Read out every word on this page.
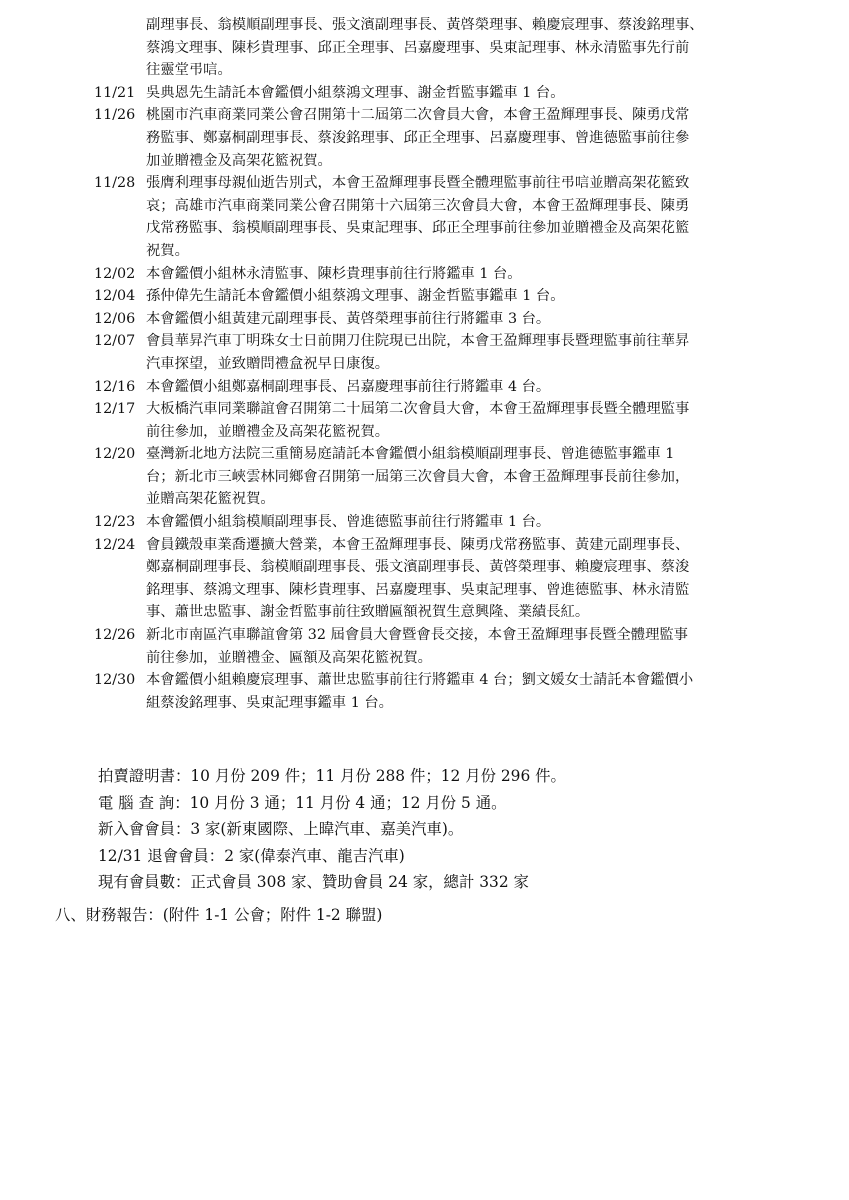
副理事長、翁模順副理事長、張文濱副理事長、黃啓榮理事、賴慶宸理事、蔡浚銘理事、
蔡鴻文理事、陳杉貴理事、邱正全理事、呂嘉慶理事、吳東記理事、林永清監事先行前
往靈堂弔唁。
11/21 吳典恩先生請託本會鑑價小組蔡鴻文理事、謝金哲監事鑑車 1 台。
11/26 桃園市汽車商業同業公會召開第十二屆第二次會員大會，本會王盈輝理事長、陳勇戊常
務監事、鄭嘉桐副理事長、蔡浚銘理事、邱正全理事、呂嘉慶理事、曾進德監事前往參
加並贈禮金及高架花籃祝賀。
11/28 張膺利理事母親仙逝告別式，本會王盈輝理事長暨全體理監事前往弔唁並贈高架花籃致
哀；高雄市汽車商業同業公會召開第十六屆第三次會員大會，本會王盈輝理事長、陳勇
戊常務監事、翁模順副理事長、吳東記理事、邱正全理事前往參加並贈禮金及高架花籃
祝賀。
12/02 本會鑑價小組林永清監事、陳杉貴理事前往行將鑑車 1 台。
12/04 孫仲偉先生請託本會鑑價小組蔡鴻文理事、謝金哲監事鑑車 1 台。
12/06 本會鑑價小組黃建元副理事長、黃啓榮理事前往行將鑑車 3 台。
12/07 會員華昇汽車丁明珠女士日前開刀住院現已出院，本會王盈輝理事長暨理監事前往華昇
汽車探望，並致贈問禮盒祝早日康復。
12/16 本會鑑價小組鄭嘉桐副理事長、呂嘉慶理事前往行將鑑車 4 台。
12/17 大板橋汽車同業聯誼會召開第二十屆第二次會員大會，本會王盈輝理事長暨全體理監事
前往參加，並贈禮金及高架花籃祝賀。
12/20 臺灣新北地方法院三重簡易庭請託本會鑑價小組翁模順副理事長、曾進德監事鑑車 1
台；新北市三峽雲林同鄉會召開第一屆第三次會員大會，本會王盈輝理事長前往參加，
並贈高架花籃祝賀。
12/23 本會鑑價小組翁模順副理事長、曾進德監事前往行將鑑車 1 台。
12/24 會員鐵殼車業喬遷擴大營業，本會王盈輝理事長、陳勇戊常務監事、黃建元副理事長、
鄭嘉桐副理事長、翁模順副理事長、張文濱副理事長、黃啓榮理事、賴慶宸理事、蔡浚
銘理事、蔡鴻文理事、陳杉貴理事、呂嘉慶理事、吳東記理事、曾進德監事、林永清監
事、蕭世忠監事、謝金哲監事前往致贈匾額祝賀生意興隆、業績長紅。
12/26 新北市南區汽車聯誼會第 32 屆會員大會暨會長交接，本會王盈輝理事長暨全體理監事
前往參加，並贈禮金、匾額及高架花籃祝賀。
12/30 本會鑑價小組賴慶宸理事、蕭世忠監事前往行將鑑車 4 台；劉文媛女士請託本會鑑價小
組蔡浚銘理事、吳東記理事鑑車 1 台。
拍賣證明書：10 月份 209 件；11 月份 288 件；12 月份 296 件。
電 腦 查 詢：10 月份 3 通；11 月份 4 通；12 月份 5 通。
新入會會員：3 家(新東國際、上暐汽車、嘉美汽車)。
12/31 退會會員：2 家(偉泰汽車、龍吉汽車)
現有會員數：正式會員 308 家、贊助會員 24 家，總計 332 家
八、財務報告：(附件 1-1 公會；附件 1-2 聯盟)
